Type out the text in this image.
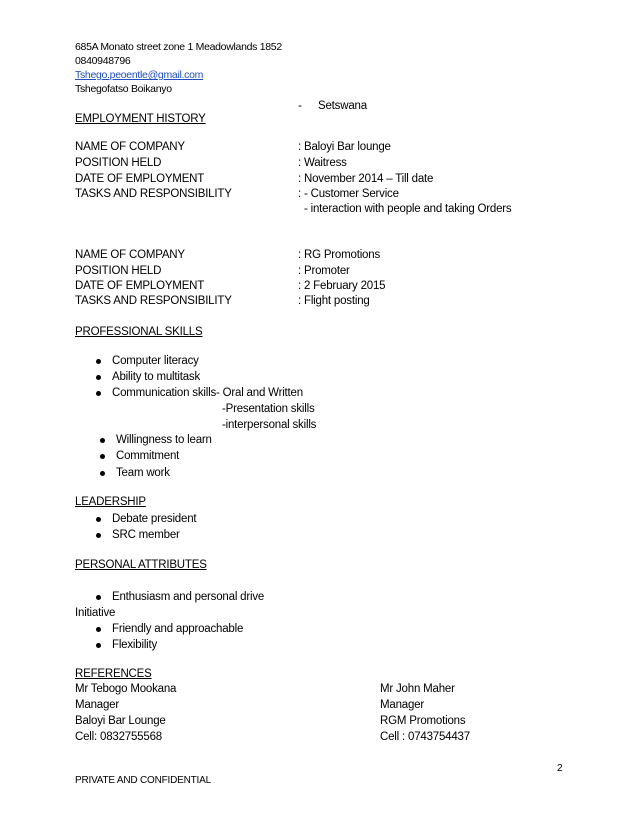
685A Monato street zone 1 Meadowlands 1852
0840948796
Tshego.peoentle@gmail.com
Tshegofatso Boikanyo
- Setswana
EMPLOYMENT HISTORY
NAME OF COMPANY	: Baloyi Bar lounge
POSITION HELD	: Waitress
DATE OF EMPLOYMENT	: November 2014 – Till date
TASKS AND RESPONSIBILITY	: - Customer Service
- interaction with people and taking Orders
NAME OF COMPANY	: RG Promotions
POSITION HELD	: Promoter
DATE OF EMPLOYMENT	: 2 February 2015
TASKS AND RESPONSIBILITY	: Flight posting
PROFESSIONAL SKILLS
Computer literacy
Ability to multitask
Communication skills- Oral and Written
-Presentation skills
-interpersonal skills
Willingness to learn
Commitment
Team work
LEADERSHIP
Debate president
SRC member
PERSONAL ATTRIBUTES
Enthusiasm and personal drive
Initiative
Friendly and approachable
Flexibility
REFERENCES
Mr Tebogo Mookana
Manager
Baloyi Bar Lounge
Cell: 0832755568
Mr John Maher
Manager
RGM Promotions
Cell : 0743754437
2
PRIVATE AND CONFIDENTIAL
